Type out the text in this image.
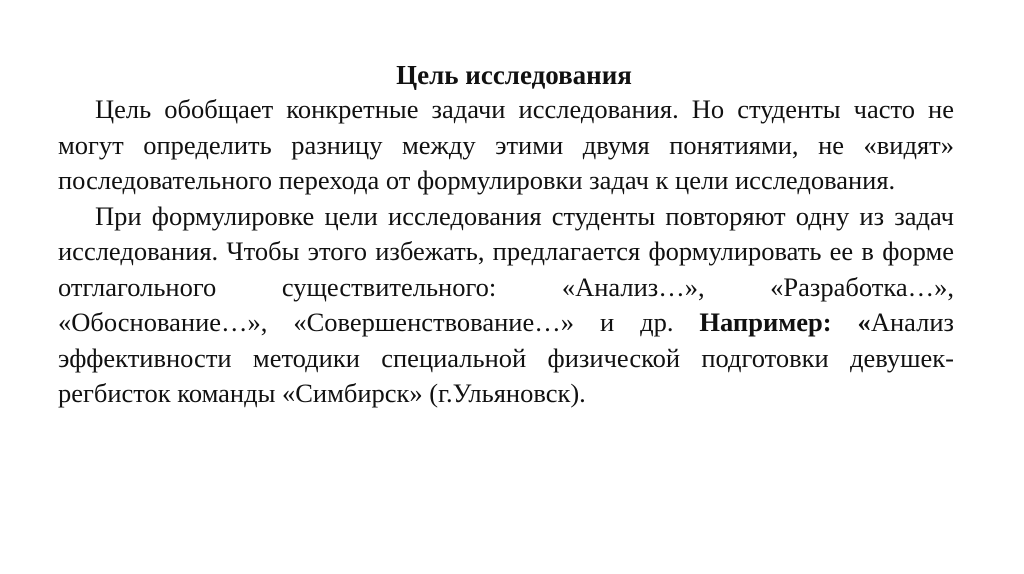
Цель исследования

Цель обобщает конкретные задачи исследования. Но студенты часто не могут определить разницу между этими двумя понятиями, не «видят» последовательного перехода от формулировки задач к цели исследования.

При формулировке цели исследования студенты повторяют одну из задач исследования. Чтобы этого избежать, предлагается формулировать ее в форме отглагольного существительного: «Анализ…», «Разработка…», «Обоснование…», «Совершенствование…» и др. Например: «Анализ эффективности методики специальной физической подготовки девушек-регбисток команды «Симбирск» (г.Ульяновск).
